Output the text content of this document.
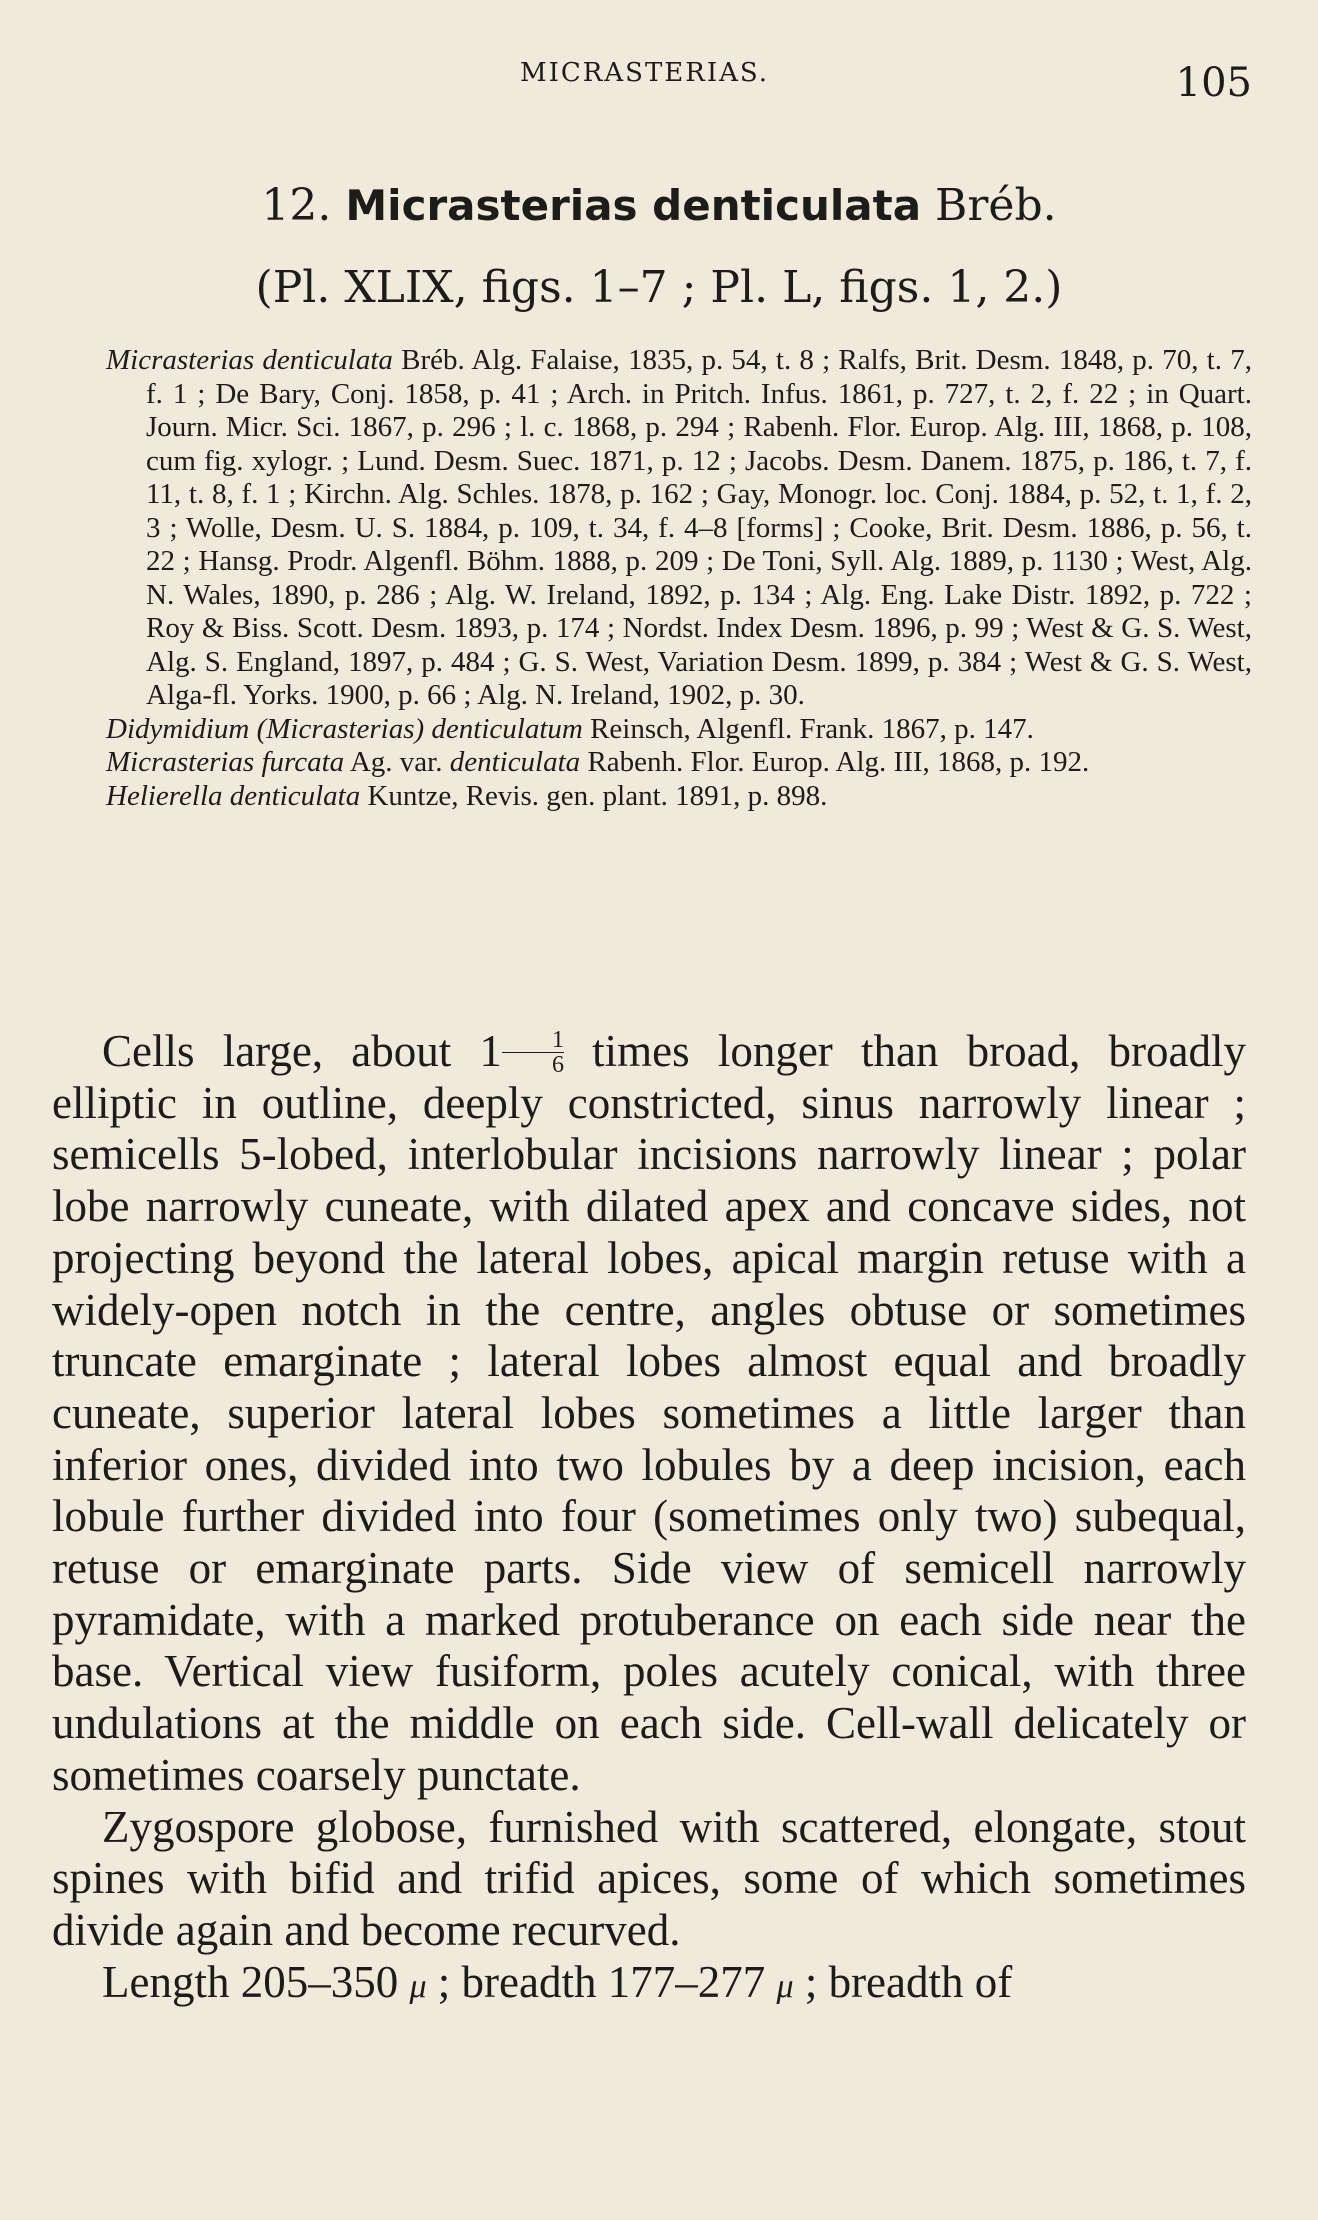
MICRASTERIAS.	105
12. Micrasterias denticulata Bréb.
(Pl. XLIX, figs. 1–7 ; Pl. L, figs. 1, 2.)

Micrasterias denticulata Bréb. Alg. Falaise, 1835, p. 54, t. 8 ; Ralfs, Brit. Desm. 1848, p. 70, t. 7, f. 1 ; De Bary, Conj. 1858, p. 41 ; Arch. in Pritch. Infus. 1861, p. 727, t. 2, f. 22 ; in Quart. Journ. Micr. Sci. 1867, p. 296 ; l. c. 1868, p. 294 ; Rabenh. Flor. Europ. Alg. III, 1868, p. 108, cum fig. xylogr. ; Lund. Desm. Suec. 1871, p. 12 ; Jacobs. Desm. Danem. 1875, p. 186, t. 7, f. 11, t. 8, f. 1 ; Kirchn. Alg. Schles. 1878, p. 162 ; Gay, Monogr. loc. Conj. 1884, p. 52, t. 1, f. 2, 3 ; Wolle, Desm. U. S. 1884, p. 109, t. 34, f. 4–8 [forms] ; Cooke, Brit. Desm. 1886, p. 56, t. 22 ; Hansg. Prodr. Algenfl. Böhm. 1888, p. 209 ; De Toni, Syll. Alg. 1889, p. 1130 ; West, Alg. N. Wales, 1890, p. 286 ; Alg. W. Ireland, 1892, p. 134 ; Alg. Eng. Lake Distr. 1892, p. 722 ; Roy & Biss. Scott. Desm. 1893, p. 174 ; Nordst. Index Desm. 1896, p. 99 ; West & G. S. West, Alg. S. England, 1897, p. 484 ; G. S. West, Variation Desm. 1899, p. 384 ; West & G. S. West, Alga-fl. Yorks. 1900, p. 66 ; Alg. N. Ireland, 1902, p. 30.

Didymidium (Micrasterias) denticulatum Reinsch, Algenfl. Frank. 1867, p. 147.

Micrasterias furcata Ag. var. denticulata Rabenh. Flor. Europ. Alg. III, 1868, p. 192.

Helierella denticulata Kuntze, Revis. gen. plant. 1891, p. 898.

Cells large, about $1 \frac{1}{6}$ times longer than broad, broadly elliptic in outline, deeply constricted, sinus narrowly linear ; semicells 5-lobed, interlobular incisions narrowly linear ; polar lobe narrowly cuneate, with dilated apex and concave sides, not projecting beyond the lateral lobes, apical margin retuse with a widely-open notch in the centre, angles obtuse or sometimes truncate emarginate ; lateral lobes almost equal and broadly cuneate, superior lateral lobes sometimes a little larger than inferior ones, divided into two lobules by a deep incision, each lobule further divided into four (sometimes only two) subequal, retuse or emarginate parts. Side view of semicell narrowly pyramidate, with a marked protuberance on each side near the base. Vertical view fusiform, poles acutely conical, with three undulations at the middle on each side. Cell-wall delicately or sometimes coarsely punctate.

Zygospore globose, furnished with scattered, elongate, stout spines with bifid and trifid apices, some of which sometimes divide again and become recurved.

Length 205–350 μ ; breadth 177–277 μ ; breadth of
